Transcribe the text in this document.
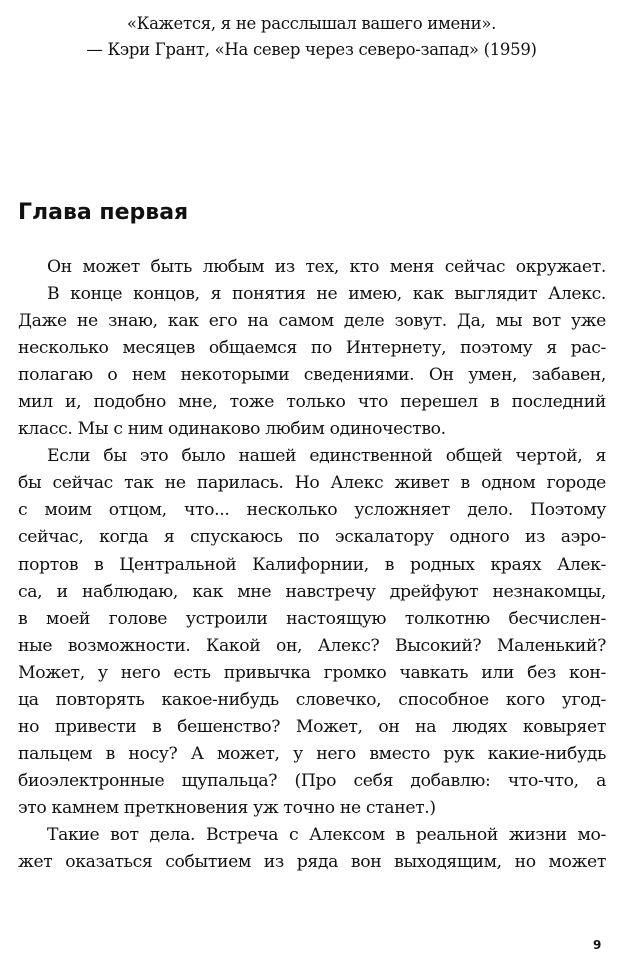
«Кажется, я не расслышал вашего имени».
— Кэри Грант, «На север через северо-запад» (1959)
Глава первая
Он может быть любым из тех, кто меня сейчас окружает.
В конце концов, я понятия не имею, как выглядит Алекс.
Даже не знаю, как его на самом деле зовут. Да, мы вот уже
несколько месяцев общаемся по Интернету, поэтому я рас-
полагаю о нем некоторыми сведениями. Он умен, забавен,
мил и, подобно мне, тоже только что перешел в последний
класс. Мы с ним одинаково любим одиночество.
Если бы это было нашей единственной общей чертой, я
бы сейчас так не парилась. Но Алекс живет в одном городе
с моим отцом, что... несколько усложняет дело. Поэтому
сейчас, когда я спускаюсь по эскалатору одного из аэро-
портов в Центральной Калифорнии, в родных краях Алек-
са, и наблюдаю, как мне навстречу дрейфуют незнакомцы,
в моей голове устроили настоящую толкотню бесчислен-
ные возможности. Какой он, Алекс? Высокий? Маленький?
Может, у него есть привычка громко чавкать или без кон-
ца повторять какое-нибудь словечко, способное кого угод-
но привести в бешенство? Может, он на людях ковыряет
пальцем в носу? А может, у него вместо рук какие-нибудь
биоэлектронные щупальца? (Про себя добавлю: что-что, а
это камнем преткновения уж точно не станет.)
Такие вот дела. Встреча с Алексом в реальной жизни мо-
жет оказаться событием из ряда вон выходящим, но может
9
